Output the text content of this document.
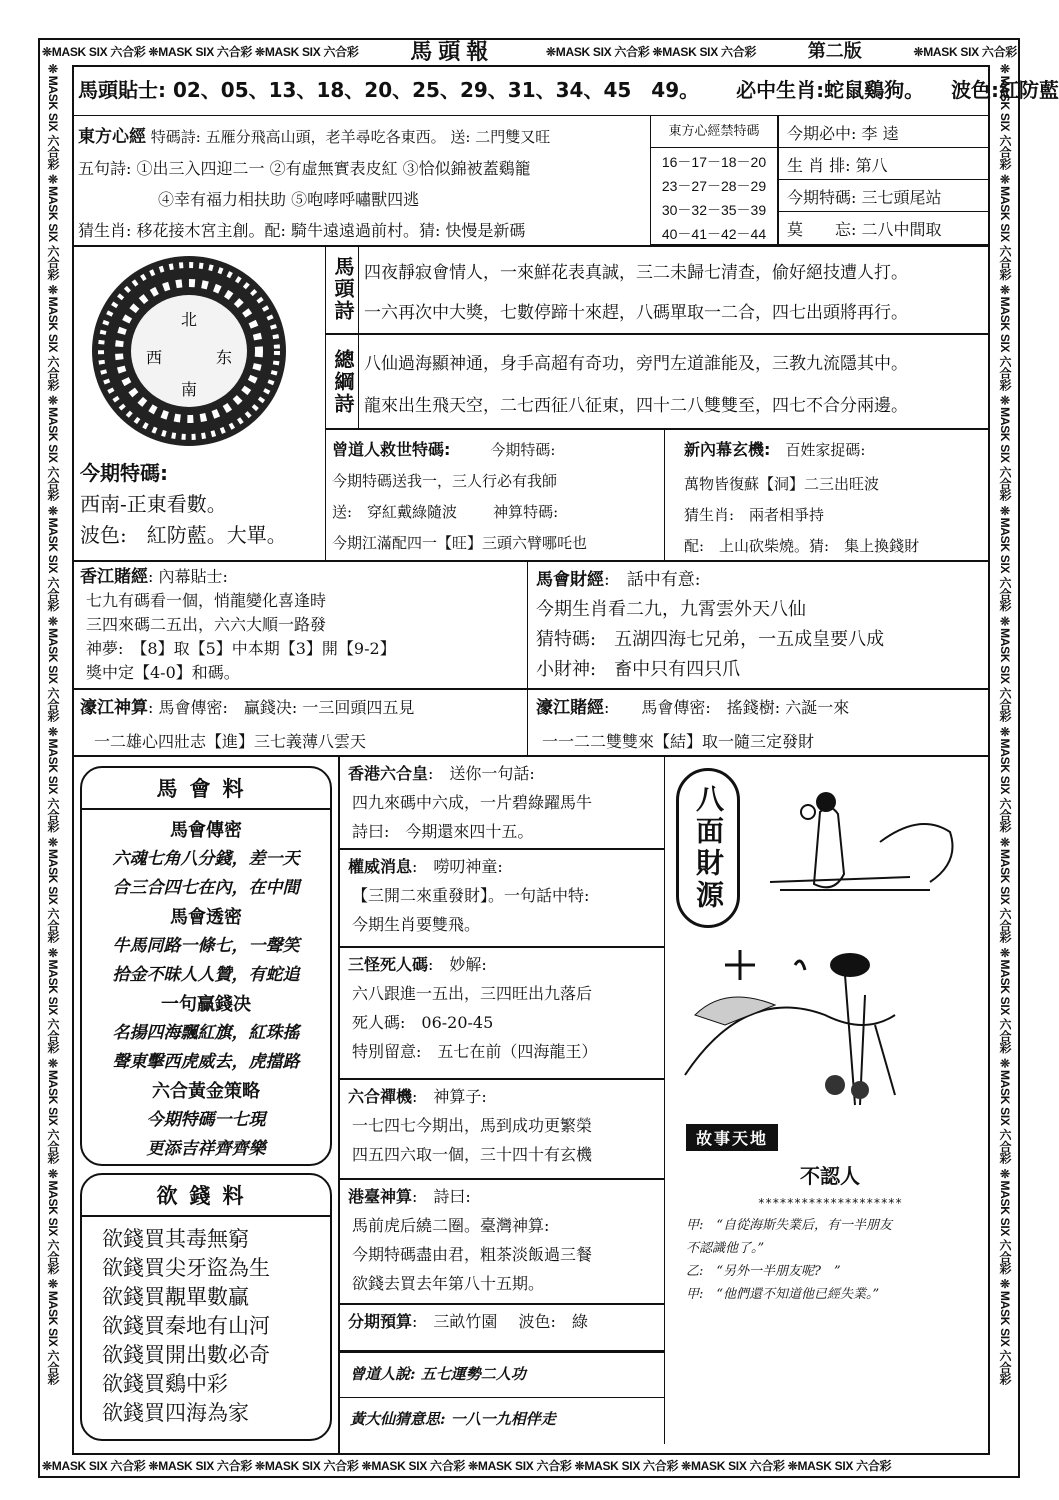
❊MASK SIX 六合彩 ❊MASK SIX 六合彩 ❊MASK SIX 六合彩 馬頭報	❊MASK SIX 六合彩 ❊MASK SIX 六合彩	第二版	❊MASK SIX 六合彩
❊MASK SIX 六合彩 ❊MASK SIX 六合彩 ❊MASK SIX 六合彩 ❊MASK SIX 六合彩 ❊MASK SIX 六合彩 ❊MASK SIX 六合彩 ❊MASK SIX 六合彩 ❊MASK SIX 六合彩
❊MASK SIX 六合彩 ❊MASK SIX 六合彩 ❊MASK SIX 六合彩 ❊MASK SIX 六合彩 ❊MASK SIX 六合彩 ❊MASK SIX 六合彩 ❊MASK SIX 六合彩 ❊MASK SIX 六合彩 ❊MASK SIX 六合彩 ❊MASK SIX 六合彩 ❊MASK SIX 六合彩 ❊MASK SIX 六合彩	❊MASK SIX 六合彩 ❊MASK SIX 六合彩 ❊MASK SIX 六合彩 ❊MASK SIX 六合彩 ❊MASK SIX 六合彩 ❊MASK SIX 六合彩 ❊MASK SIX 六合彩 ❊MASK SIX 六合彩 ❊MASK SIX 六合彩 ❊MASK SIX 六合彩 ❊MASK SIX 六合彩 ❊MASK SIX 六合彩
馬頭貼士: 02、05、13、18、20、25、29、31、34、45　49。 必中生肖:蛇鼠鷄狗。 波色:紅防藍
東方心經 特碼詩: 五雁分飛高山頭，老羊尋吃各東西。 送: 二門雙又旺
五句詩: ①出三入四迎二一 ②有虛無實表皮紅 ③恰似錦被蓋鷄籠
④幸有福力相扶助 ⑤咆哮呼嘯獸四逃
猜生肖: 移花接木宮主創。配: 騎牛遠遠過前村。猜: 快慢是新碼
東方心經禁特碼
16－17－18－20
23－27－28－29
30－32－35－39
40－41－42－44
今期必中: 李 逵
生 肖 排: 第八
今期特碼: 三七頭尾站
莫　　忘: 二八中間取
北
西	东
南
今期特碼:
西南-正東看數。
波色:　紅防藍。大單。
馬頭詩 四夜靜寂會情人，一來鮮花表真誠，三二未歸七清查，偷好絕技遭人打。
一六再次中大獎，七數停蹄十來趕，八碼單取一二合，四七出頭將再行。
總綱詩 八仙過海顯神通，身手高超有奇功，旁門左道誰能及，三教九流隱其中。
龍來出生飛天空，二七西征八征東，四十二八雙雙至，四七不合分兩邊。
曾道人救世特碼:	今期特碼:
今期特碼送我一，三人行必有我師
送:　穿紅戴綠隨波 神算特碼:
今期江滿配四一【旺】三頭六臂哪吒也
新內幕玄機:　 百姓家捉碼:
萬物皆復蘇【洞】二三出旺波
猜生肖:　兩者相爭持
配:　上山砍柴燒。猜:　集上換錢財
香江賭經: 內幕貼士:
七九有碼看一個，悄龍變化喜逢時
三四來碼二五出，六六大順一路發
神夢:　【8】取【5】中本期【3】開【9-2】
獎中定【4-0】和碼。
馬會財經:　話中有意:
今期生肖看二九，九霄雲外天八仙
猜特碼:　五湖四海七兄弟，一五成皇要八成
小財神:　畜中只有四只爪
濠江神算: 馬會傳密:　贏錢决: 一三回頭四五見
一二雄心四壯志【進】三七義薄八雲天
濠江賭經:　　馬會傳密:　搖錢樹: 六誕一來
一一二二雙雙來【結】取一隨三定發財
馬會料
馬會傳密
六魂七角八分錢，差一天
合三合四七在內，在中間
馬會透密
牛馬同路一條七，一聲笑
拾金不昧人人贊，有蛇追
一句贏錢决
名揚四海飄紅旗，紅珠搖
聲東擊西虎威去，虎擋路
六合黃金策略
今期特碼一七現
更添吉祥齊齊樂
欲錢料
欲錢買其毒無窮
欲錢買尖牙盜為生
欲錢買覯單數贏
欲錢買秦地有山河
欲錢買開出數必奇
欲錢買鷄中彩
欲錢買四海為家
香港六合皇:　送你一句話:
四九來碼中六成，一片碧綠躍馬牛
詩曰:　今期還來四十五。
權威消息:　嘮叨神童:
【三開二來重發財】。一句話中特:
今期生肖要雙飛。
三怪死人碼:　妙解:
六八跟進一五出，三四旺出九落后
死人碼:　06-20-45
特別留意:　五七在前（四海龍王）
六合禪機:　神算子:
一七四七今期出，馬到成功更繁榮
四五四六取一個，三十四十有玄機
港臺神算:　詩曰:
馬前虎后繞二圈。臺灣神算:
今期特碼盡由君，粗茶淡飯過三餐
欲錢去買去年第八十五期。
分期預算:　三畝竹園　 波色:　綠
曾道人說: 五七運勢二人功
黃大仙猜意思: 一八一九相伴走
八面財源
故事天地
不認人
********************
甲:　“自從海斯失業后，有一半朋友
不認識他了。”
乙:　“另外一半朋友呢?　”
甲:　“他們還不知道他已經失業。”
